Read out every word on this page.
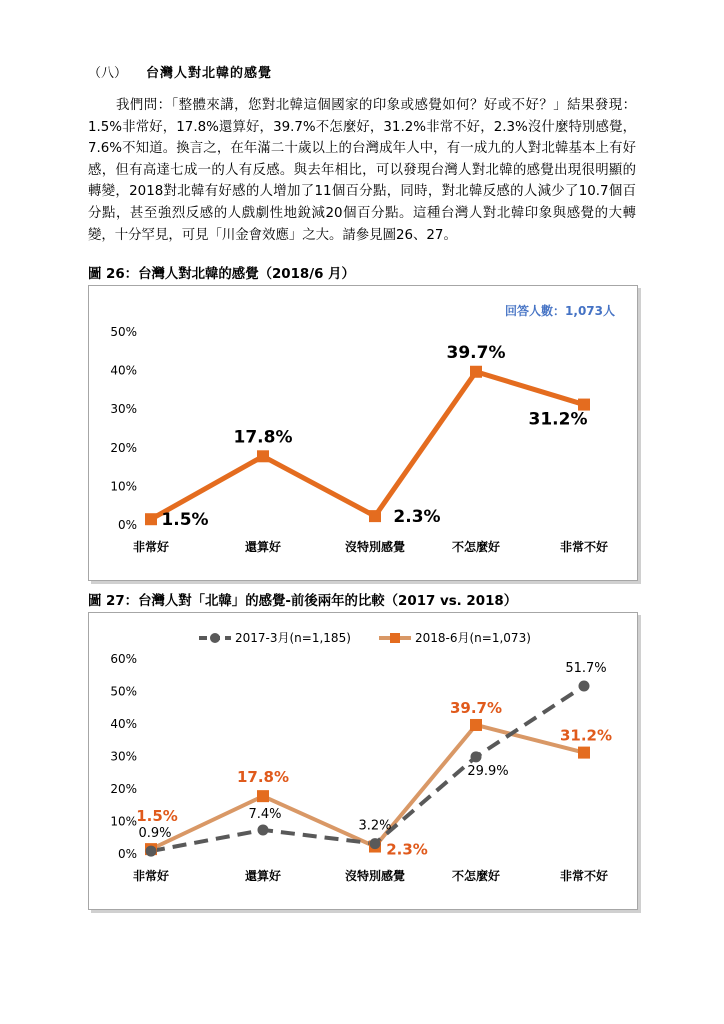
（八） 台灣人對北韓的感覺

我們問：「整體來講，您對北韓這個國家的印象或感覺如何？好或不好？」結果發現：1.5%非常好，17.8%還算好，39.7%不怎麼好，31.2%非常不好，2.3%沒什麼特別感覺，7.6%不知道。換言之，在年滿二十歲以上的台灣成年人中，有一成九的人對北韓基本上有好感，但有高達七成一的人有反感。與去年相比，可以發現台灣人對北韓的感覺出現很明顯的轉變，2018對北韓有好感的人增加了11個百分點，同時，對北韓反感的人減少了10.7個百分點，甚至強烈反感的人戲劇性地銳減20個百分點。這種台灣人對北韓印象與感覺的大轉變，十分罕見，可見「川金會效應」之大。請參見圖26、27。

圖 26：台灣人對北韓的感覺（2018/6 月）
回答人數：1,073人
0%
10%
20%
30%
40%
50%
非常好	還算好	沒特別感覺	不怎麼好	非常不好
1.5%
17.8%
2.3%
39.7%
31.2%
圖 27：台灣人對「北韓」的感覺-前後兩年的比較（2017 vs. 2018）
2017-3月(n=1,185)	2018-6月(n=1,073)
0%
10%
20%
30%
40%
50%
60%
非常好	還算好	沒特別感覺	不怎麼好	非常不好
0.9%
7.4%
3.2%
29.9%
51.7%
1.5%
17.8%
2.3%
39.7%
31.2%
